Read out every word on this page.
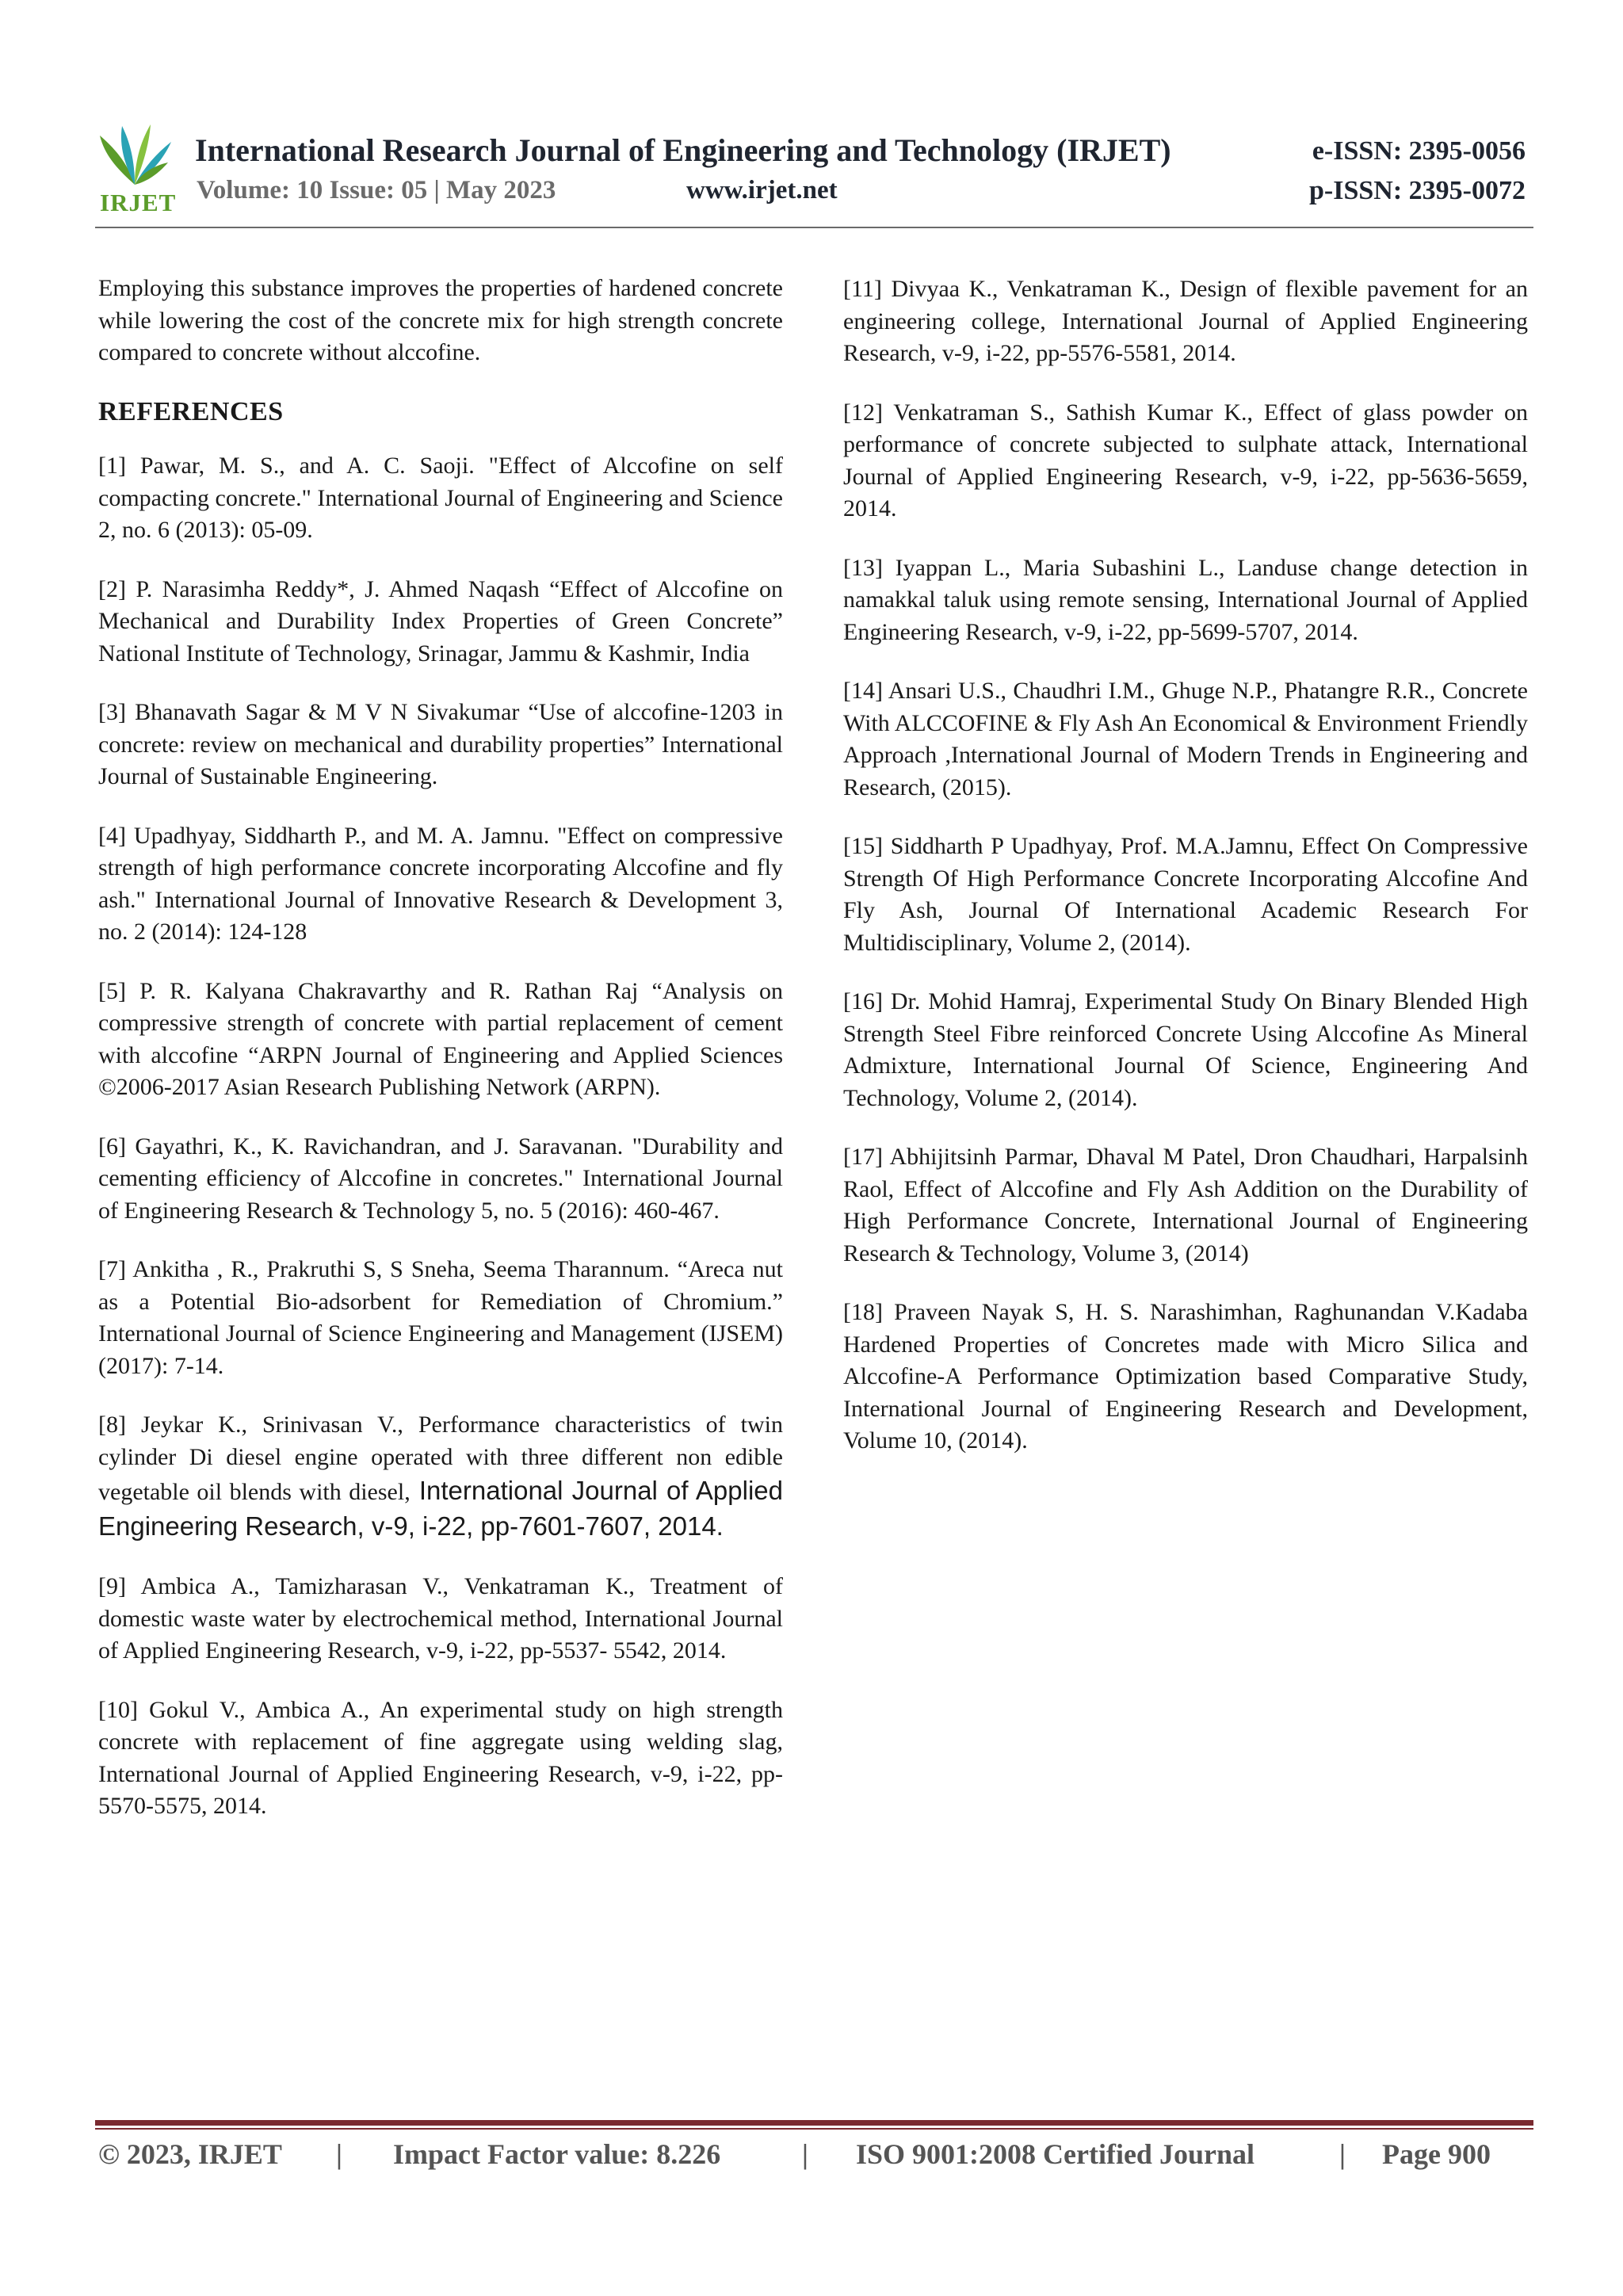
IRJET
International Research Journal of Engineering and Technology (IRJET)	e-ISSN: 2395-0056
Volume: 10 Issue: 05 | May 2023	www.irjet.net	p-ISSN: 2395-0072

Employing this substance improves the properties of hardened concrete while lowering the cost of the concrete mix for high strength concrete compared to concrete without alccofine.

REFERENCES

[1] Pawar, M. S., and A. C. Saoji. "Effect of Alccofine on self compacting concrete." International Journal of Engineering and Science 2, no. 6 (2013): 05-09.

[2] P. Narasimha Reddy*, J. Ahmed Naqash “Effect of Alccofine on Mechanical and Durability Index Properties of Green Concrete” National Institute of Technology, Srinagar, Jammu & Kashmir, India

[3] Bhanavath Sagar & M V N Sivakumar “Use of alccofine-1203 in concrete: review on mechanical and durability properties” International Journal of Sustainable Engineering.

[4] Upadhyay, Siddharth P., and M. A. Jamnu. "Effect on compressive strength of high performance concrete incorporating Alccofine and fly ash." International Journal of Innovative Research & Development 3, no. 2 (2014): 124-128

[5] P. R. Kalyana Chakravarthy and R. Rathan Raj “Analysis on compressive strength of concrete with partial replacement of cement with alccofine “ARPN Journal of Engineering and Applied Sciences ©2006-2017 Asian Research Publishing Network (ARPN).

[6] Gayathri, K., K. Ravichandran, and J. Saravanan. "Durability and cementing efficiency of Alccofine in concretes." International Journal of Engineering Research & Technology 5, no. 5 (2016): 460-467.

[7] Ankitha , R., Prakruthi S, S Sneha, Seema Tharannum. “Areca nut as a Potential Bio-adsorbent for Remediation of Chromium.” International Journal of Science Engineering and Management (IJSEM) (2017): 7-14.

[8] Jeykar K., Srinivasan V., Performance characteristics of twin cylinder Di diesel engine operated with three different non edible vegetable oil blends with diesel, International Journal of Applied Engineering Research, v-9, i-22, pp-7601-7607, 2014.

[9] Ambica A., Tamizharasan V., Venkatraman K., Treatment of domestic waste water by electrochemical method, International Journal of Applied Engineering Research, v-9, i-22, pp-5537- 5542, 2014.

[10] Gokul V., Ambica A., An experimental study on high strength concrete with replacement of fine aggregate using welding slag, International Journal of Applied Engineering Research, v-9, i-22, pp-5570-5575, 2014.

[11] Divyaa K., Venkatraman K., Design of flexible pavement for an engineering college, International Journal of Applied Engineering Research, v-9, i-22, pp-5576-5581, 2014.

[12] Venkatraman S., Sathish Kumar K., Effect of glass powder on performance of concrete subjected to sulphate attack, International Journal of Applied Engineering Research, v-9, i-22, pp-5636-5659, 2014.

[13] Iyappan L., Maria Subashini L., Landuse change detection in namakkal taluk using remote sensing, International Journal of Applied Engineering Research, v-9, i-22, pp-5699-5707, 2014.

[14] Ansari U.S., Chaudhri I.M., Ghuge N.P., Phatangre R.R., Concrete With ALCCOFINE & Fly Ash An Economical & Environment Friendly Approach ,International Journal of Modern Trends in Engineering and Research, (2015).

[15] Siddharth P Upadhyay, Prof. M.A.Jamnu, Effect On Compressive Strength Of High Performance Concrete Incorporating Alccofine And Fly Ash, Journal Of International Academic Research For Multidisciplinary, Volume 2, (2014).

[16] Dr. Mohid Hamraj, Experimental Study On Binary Blended High Strength Steel Fibre reinforced Concrete Using Alccofine As Mineral Admixture, International Journal Of Science, Engineering And Technology, Volume 2, (2014).

[17] Abhijitsinh Parmar, Dhaval M Patel, Dron Chaudhari, Harpalsinh Raol, Effect of Alccofine and Fly Ash Addition on the Durability of High Performance Concrete, International Journal of Engineering Research & Technology, Volume 3, (2014)

[18] Praveen Nayak S, H. S. Narashimhan, Raghunandan V.Kadaba Hardened Properties of Concretes made with Micro Silica and Alccofine-A Performance Optimization based Comparative Study, International Journal of Engineering Research and Development, Volume 10, (2014).

© 2023, IRJET | Impact Factor value: 8.226	| ISO 9001:2008 Certified Journal	| Page 900
